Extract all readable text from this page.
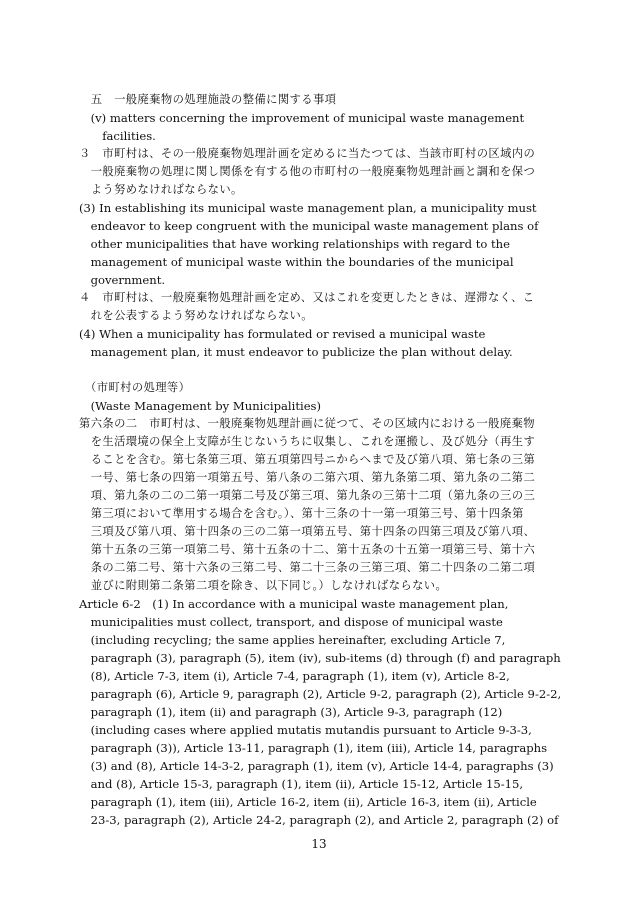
　五　一般廃棄物の処理施設の整備に関する事項
　(v) matters concerning the improvement of municipal waste management
　　facilities.
３　市町村は、その一般廃棄物処理計画を定めるに当たつては、当該市町村の区域内の
　一般廃棄物の処理に関し関係を有する他の市町村の一般廃棄物処理計画と調和を保つ
　よう努めなければならない。
(3) In establishing its municipal waste management plan, a municipality must
　endeavor to keep congruent with the municipal waste management plans of
　other municipalities that have working relationships with regard to the
　management of municipal waste within the boundaries of the municipal
　government.
４　市町村は、一般廃棄物処理計画を定め、又はこれを変更したときは、遅滞なく、こ
　れを公表するよう努めなければならない。
(4) When a municipality has formulated or revised a municipal waste
　management plan, it must endeavor to publicize the plan without delay.
　（市町村の処理等）
　(Waste Management by Municipalities)
第六条の二　市町村は、一般廃棄物処理計画に従つて、その区域内における一般廃棄物
　を生活環境の保全上支障が生じないうちに収集し、これを運搬し、及び処分（再生す
　ることを含む。第七条第三項、第五項第四号ニからへまで及び第八項、第七条の三第
　一号、第七条の四第一項第五号、第八条の二第六項、第九条第二項、第九条の二第二
　項、第九条の二の二第一項第二号及び第三項、第九条の三第十二項（第九条の三の三
　第三項において準用する場合を含む。）、第十三条の十一第一項第三号、第十四条第
　三項及び第八項、第十四条の三の二第一項第五号、第十四条の四第三項及び第八項、
　第十五条の三第一項第二号、第十五条の十二、第十五条の十五第一項第三号、第十六
　条の二第二号、第十六条の三第二号、第二十三条の三第三項、第二十四条の二第二項
　並びに附則第二条第二項を除き、以下同じ。）しなければならない。
Article 6-2　(1) In accordance with a municipal waste management plan,
　municipalities must collect, transport, and dispose of municipal waste
　(including recycling; the same applies hereinafter, excluding Article 7,
　paragraph (3), paragraph (5), item (iv), sub-items (d) through (f) and paragraph
　(8), Article 7-3, item (i), Article 7-4, paragraph (1), item (v), Article 8-2,
　paragraph (6), Article 9, paragraph (2), Article 9-2, paragraph (2), Article 9-2-2,
　paragraph (1), item (ii) and paragraph (3), Article 9-3, paragraph (12)
　(including cases where applied mutatis mutandis pursuant to Article 9-3-3,
　paragraph (3)), Article 13-11, paragraph (1), item (iii), Article 14, paragraphs
　(3) and (8), Article 14-3-2, paragraph (1), item (v), Article 14-4, paragraphs (3)
　and (8), Article 15-3, paragraph (1), item (ii), Article 15-12, Article 15-15,
　paragraph (1), item (iii), Article 16-2, item (ii), Article 16-3, item (ii), Article
　23-3, paragraph (2), Article 24-2, paragraph (2), and Article 2, paragraph (2) of
13
